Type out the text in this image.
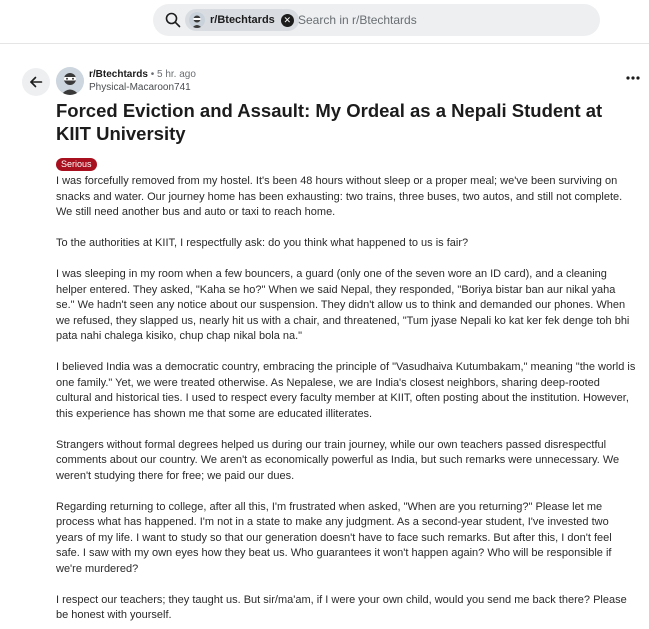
r/Btechtards ✕
Search in r/Btechtards
r/Btechtards • 5 hr. ago
Physical-Macaroon741
Forced Eviction and Assault: My Ordeal as a Nepali Student at KIIT University
Serious

I was forcefully removed from my hostel. It's been 48 hours without sleep or a proper meal; we've been surviving on snacks and water. Our journey home has been exhausting: two trains, three buses, two autos, and still not complete. We still need another bus and auto or taxi to reach home.

To the authorities at KIIT, I respectfully ask: do you think what happened to us is fair?

I was sleeping in my room when a few bouncers, a guard (only one of the seven wore an ID card), and a cleaning helper entered. They asked, "Kaha se ho?" When we said Nepal, they responded, "Boriya bistar ban aur nikal yaha se." We hadn't seen any notice about our suspension. They didn't allow us to think and demanded our phones. When we refused, they slapped us, nearly hit us with a chair, and threatened, "Tum jyase Nepali ko kat ker fek denge toh bhi pata nahi chalega kisiko, chup chap nikal bola na."

I believed India was a democratic country, embracing the principle of "Vasudhaiva Kutumbakam," meaning "the world is one family." Yet, we were treated otherwise. As Nepalese, we are India's closest neighbors, sharing deep-rooted cultural and historical ties. I used to respect every faculty member at KIIT, often posting about the institution. However, this experience has shown me that some are educated illiterates.

Strangers without formal degrees helped us during our train journey, while our own teachers passed disrespectful comments about our country. We aren't as economically powerful as India, but such remarks were unnecessary. We weren't studying there for free; we paid our dues.

Regarding returning to college, after all this, I'm frustrated when asked, "When are you returning?" Please let me process what has happened. I'm not in a state to make any judgment. As a second-year student, I've invested two years of my life. I want to study so that our generation doesn't have to face such remarks. But after this, I don't feel safe. I saw with my own eyes how they beat us. Who guarantees it won't happen again? Who will be responsible if we're murdered?

I respect our teachers; they taught us. But sir/ma'am, if I were your own child, would you send me back there? Please be honest with yourself.
